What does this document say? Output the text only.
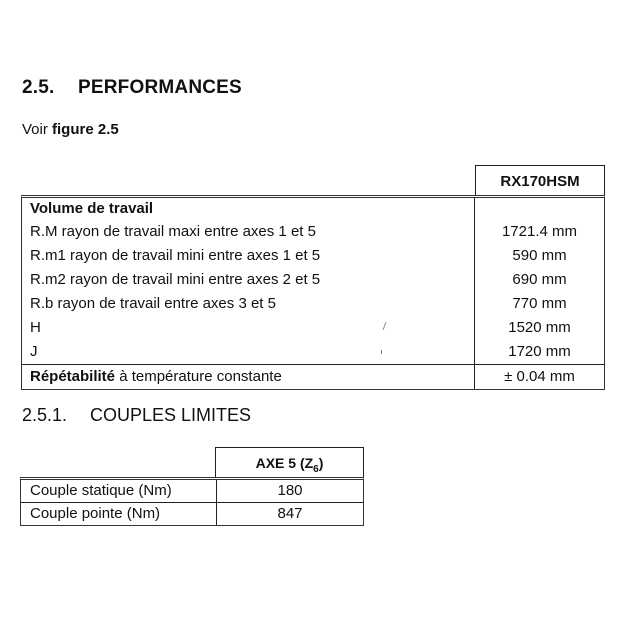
2.5. PERFORMANCES
Voir figure 2.5
RX170HSM
Volume de travail
R.M rayon de travail maxi entre axes 1 et 5	1721.4 mm
R.m1 rayon de travail mini entre axes 1 et 5	590 mm
R.m2 rayon de travail mini entre axes 2 et 5	690 mm
R.b rayon de travail entre axes 3 et 5	770 mm
H	1520 mm
J	1720 mm
Répétabilité à température constante	± 0.04 mm
2.5.1. COUPLES LIMITES
AXE 5 $(Z_6)$
Couple statique (Nm)	180
Couple pointe (Nm)	847
